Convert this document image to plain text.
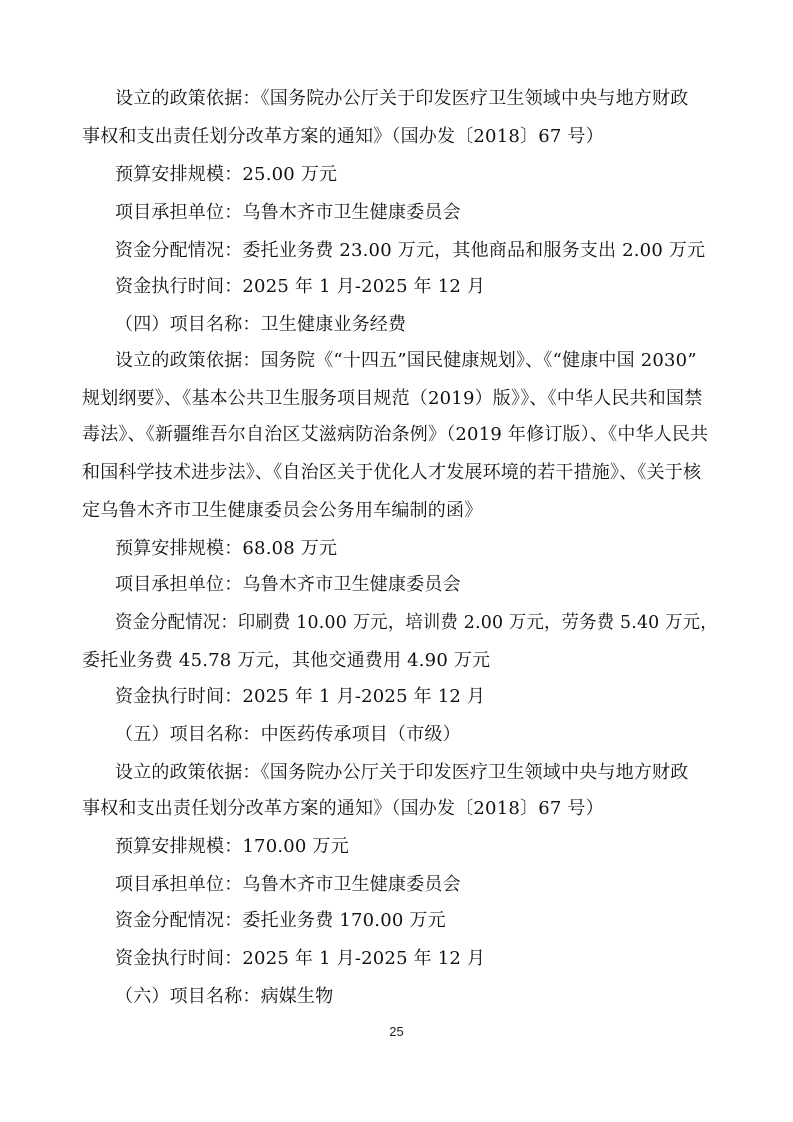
设立的政策依据：《国务院办公厅关于印发医疗卫生领域中央与地方财政
事权和支出责任划分改革方案的通知》（国办发〔2018〕67 号）
预算安排规模：25.00 万元
项目承担单位：乌鲁木齐市卫生健康委员会
资金分配情况：委托业务费 23.00 万元，其他商品和服务支出 2.00 万元
资金执行时间：2025 年 1 月-2025 年 12 月
（四）项目名称：卫生健康业务经费
设立的政策依据：国务院《“十四五”国民健康规划》、《“健康中国 2030”
规划纲要》、《基本公共卫生服务项目规范（2019）版》》、《中华人民共和国禁
毒法》、《新疆维吾尔自治区艾滋病防治条例》（2019 年修订版）、《中华人民共
和国科学技术进步法》、《自治区关于优化人才发展环境的若干措施》、《关于核
定乌鲁木齐市卫生健康委员会公务用车编制的函》
预算安排规模：68.08 万元
项目承担单位：乌鲁木齐市卫生健康委员会
资金分配情况：印刷费 10.00 万元，培训费 2.00 万元，劳务费 5.40 万元，
委托业务费 45.78 万元，其他交通费用 4.90 万元
资金执行时间：2025 年 1 月-2025 年 12 月
（五）项目名称：中医药传承项目（市级）
设立的政策依据：《国务院办公厅关于印发医疗卫生领域中央与地方财政
事权和支出责任划分改革方案的通知》（国办发〔2018〕67 号）
预算安排规模：170.00 万元
项目承担单位：乌鲁木齐市卫生健康委员会
资金分配情况：委托业务费 170.00 万元
资金执行时间：2025 年 1 月-2025 年 12 月
（六）项目名称：病媒生物
25
